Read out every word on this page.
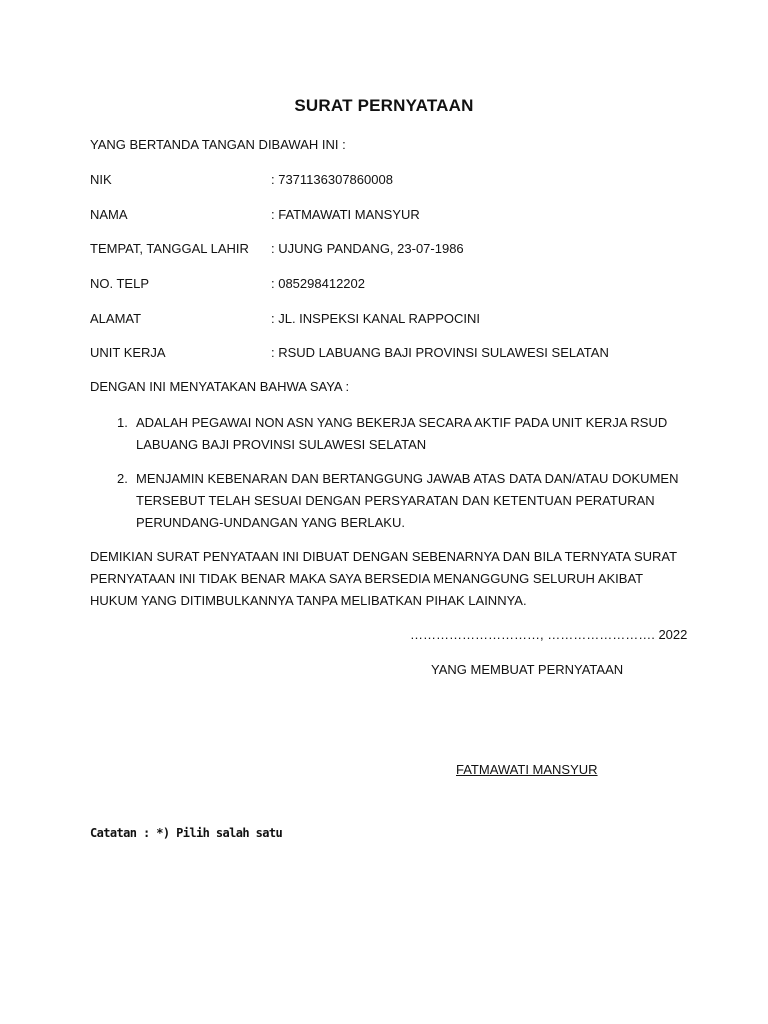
SURAT PERNYATAAN
YANG BERTANDA TANGAN DIBAWAH INI :
NIK	: 7371136307860008
NAMA	: FATMAWATI MANSYUR
TEMPAT, TANGGAL LAHIR : UJUNG PANDANG, 23-07-1986
NO. TELP	: 085298412202
ALAMAT	: JL. INSPEKSI KANAL RAPPOCINI
UNIT KERJA	: RSUD LABUANG BAJI PROVINSI SULAWESI SELATAN
DENGAN INI MENYATAKAN BAHWA SAYA :
1. ADALAH PEGAWAI NON ASN YANG BEKERJA SECARA AKTIF PADA UNIT KERJA RSUD
LABUANG BAJI PROVINSI SULAWESI SELATAN
2. MENJAMIN KEBENARAN DAN BERTANGGUNG JAWAB ATAS DATA DAN/ATAU DOKUMEN
TERSEBUT TELAH SESUAI DENGAN PERSYARATAN DAN KETENTUAN PERATURAN
PERUNDANG-UNDANGAN YANG BERLAKU.
DEMIKIAN SURAT PENYATAAN INI DIBUAT DENGAN SEBENARNYA DAN BILA TERNYATA SURAT
PERNYATAAN INI TIDAK BENAR MAKA SAYA BERSEDIA MENANGGUNG SELURUH AKIBAT
HUKUM YANG DITIMBULKANNYA TANPA MELIBATKAN PIHAK LAINNYA.
…………………………, ……………………. 2022
YANG MEMBUAT PERNYATAAN
FATMAWATI MANSYUR
Catatan : *) Pilih salah satu
